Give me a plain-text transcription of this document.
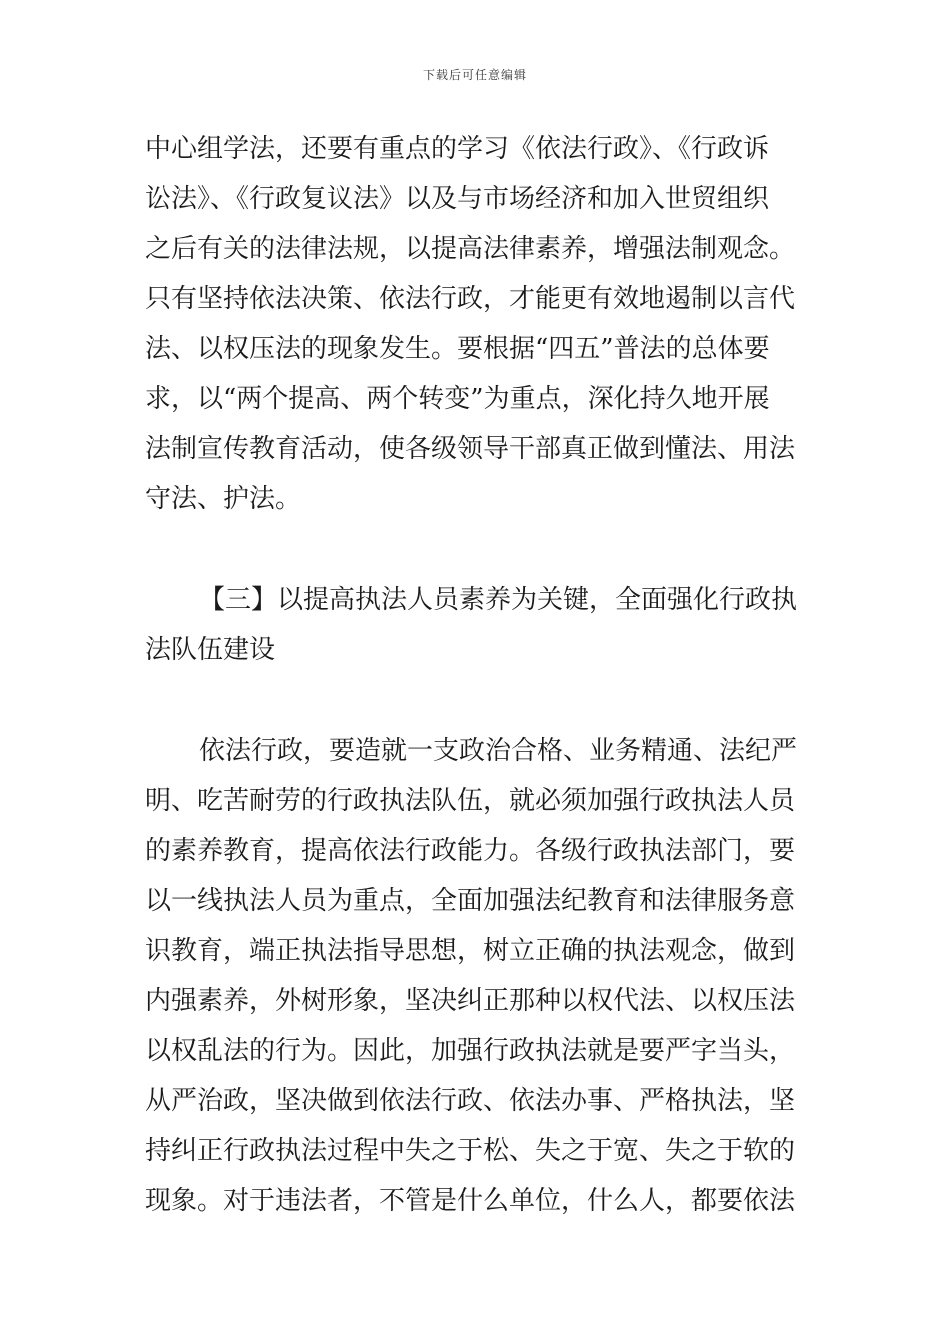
下载后可任意编辑
中心组学法，还要有重点的学习《依法行政》、《行政诉
讼法》、《行政复议法》以及与市场经济和加入世贸组织
之后有关的法律法规，以提高法律素养，增强法制观念。
只有坚持依法决策、依法行政，才能更有效地遏制以言代
法、以权压法的现象发生。要根据“四五”普法的总体要
求，以“两个提高、两个转变”为重点，深化持久地开展
法制宣传教育活动，使各级领导干部真正做到懂法、用法
守法、护法。
【三】以提高执法人员素养为关键，全面强化行政执
法队伍建设
依法行政，要造就一支政治合格、业务精通、法纪严
明、吃苦耐劳的行政执法队伍，就必须加强行政执法人员
的素养教育，提高依法行政能力。各级行政执法部门，要
以一线执法人员为重点，全面加强法纪教育和法律服务意
识教育，端正执法指导思想，树立正确的执法观念，做到
内强素养，外树形象，坚决纠正那种以权代法、以权压法
以权乱法的行为。因此，加强行政执法就是要严字当头，
从严治政，坚决做到依法行政、依法办事、严格执法，坚
持纠正行政执法过程中失之于松、失之于宽、失之于软的
现象。对于违法者，不管是什么单位，什么人，都要依法
